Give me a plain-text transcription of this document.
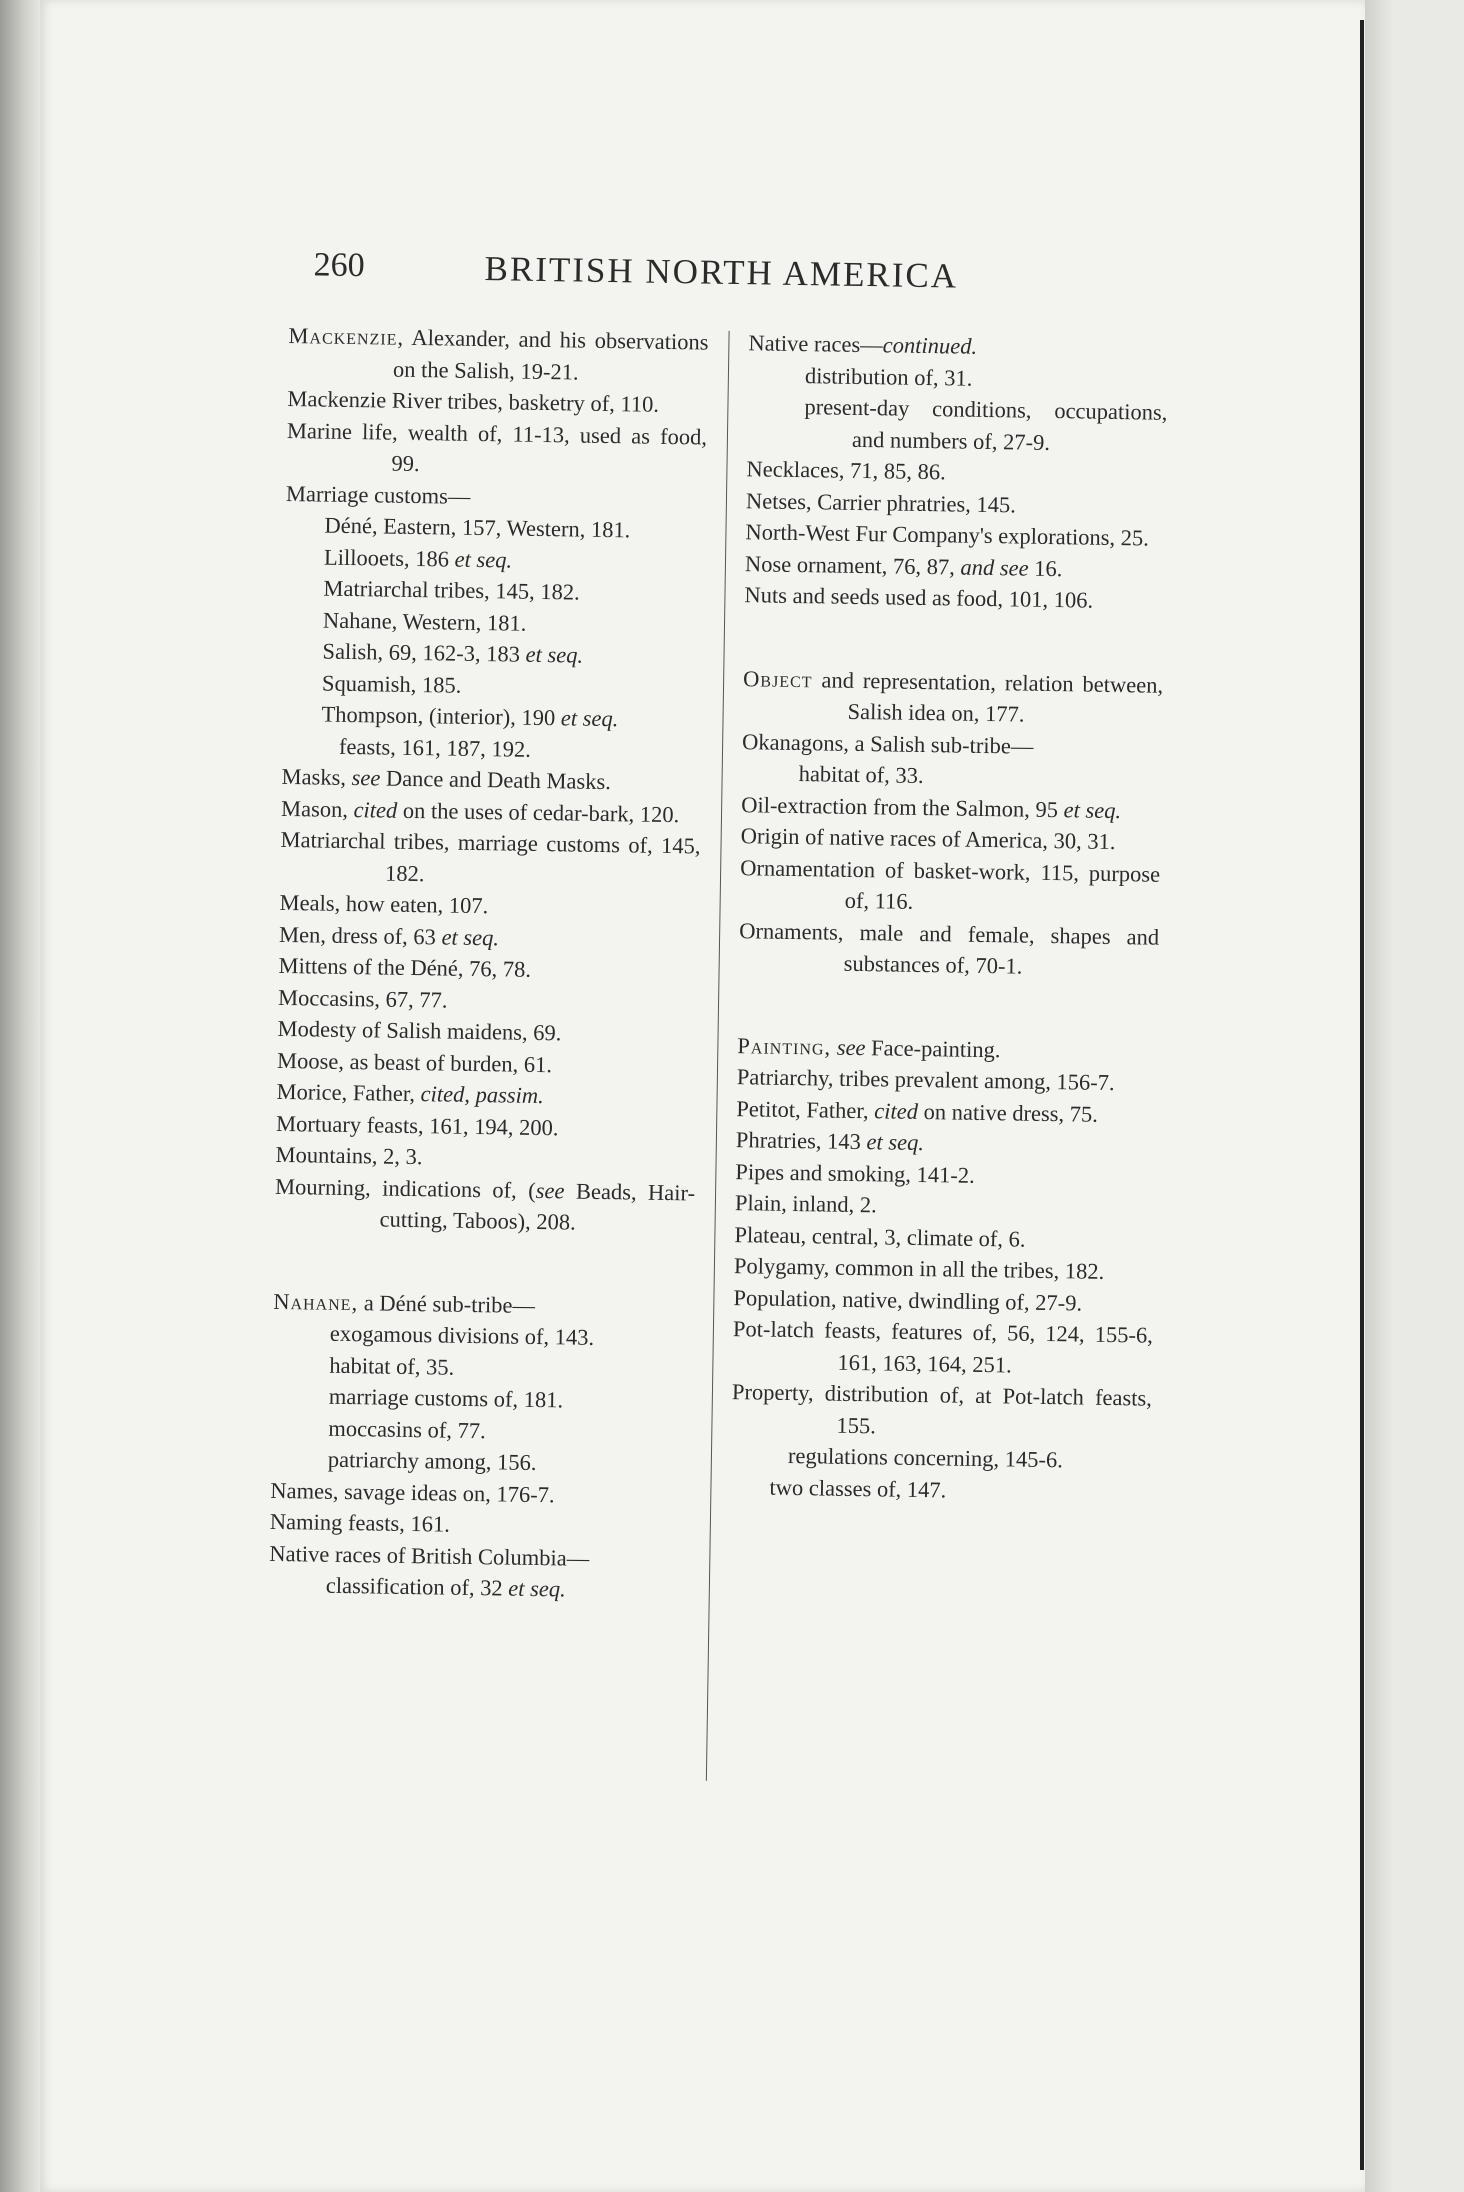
260	BRITISH NORTH AMERICA
Mackenzie, Alexander, and his observations on the Salish, 19-21.
Mackenzie River tribes, basketry of, 110.
Marine life, wealth of, 11-13, used as food, 99.
Marriage customs—
Déné, Eastern, 157, Western, 181.
Lillooets, 186 et seq.
Matriarchal tribes, 145, 182.
Nahane, Western, 181.
Salish, 69, 162-3, 183 et seq.
Squamish, 185.
Thompson, (interior), 190 et seq.
feasts, 161, 187, 192.
Masks, see Dance and Death Masks.
Mason, cited on the uses of cedar-bark, 120.
Matriarchal tribes, marriage customs of, 145, 182.
Meals, how eaten, 107.
Men, dress of, 63 et seq.
Mittens of the Déné, 76, 78.
Moccasins, 67, 77.
Modesty of Salish maidens, 69.
Moose, as beast of burden, 61.
Morice, Father, cited, passim.
Mortuary feasts, 161, 194, 200.
Mountains, 2, 3.
Mourning, indications of, (see Beads, Hair-cutting, Taboos), 208.
Nahane, a Déné sub-tribe—
exogamous divisions of, 143.
habitat of, 35.
marriage customs of, 181.
moccasins of, 77.
patriarchy among, 156.
Names, savage ideas on, 176-7.
Naming feasts, 161.
Native races of British Columbia—
classification of, 32 et seq.
Native races—continued.
distribution of, 31.
present-day conditions, occupations, and numbers of, 27-9.
Necklaces, 71, 85, 86.
Netses, Carrier phratries, 145.
North-West Fur Company's explorations, 25.
Nose ornament, 76, 87, and see 16.
Nuts and seeds used as food, 101, 106.
Object and representation, relation between, Salish idea on, 177.
Okanagons, a Salish sub-tribe—
habitat of, 33.
Oil-extraction from the Salmon, 95 et seq.
Origin of native races of America, 30, 31.
Ornamentation of basket-work, 115, purpose of, 116.
Ornaments, male and female, shapes and substances of, 70-1.
Painting, see Face-painting.
Patriarchy, tribes prevalent among, 156-7.
Petitot, Father, cited on native dress, 75.
Phratries, 143 et seq.
Pipes and smoking, 141-2.
Plain, inland, 2.
Plateau, central, 3, climate of, 6.
Polygamy, common in all the tribes, 182.
Population, native, dwindling of, 27-9.
Pot-latch feasts, features of, 56, 124, 155-6, 161, 163, 164, 251.
Property, distribution of, at Pot-latch feasts, 155.
regulations concerning, 145-6.
two classes of, 147.
